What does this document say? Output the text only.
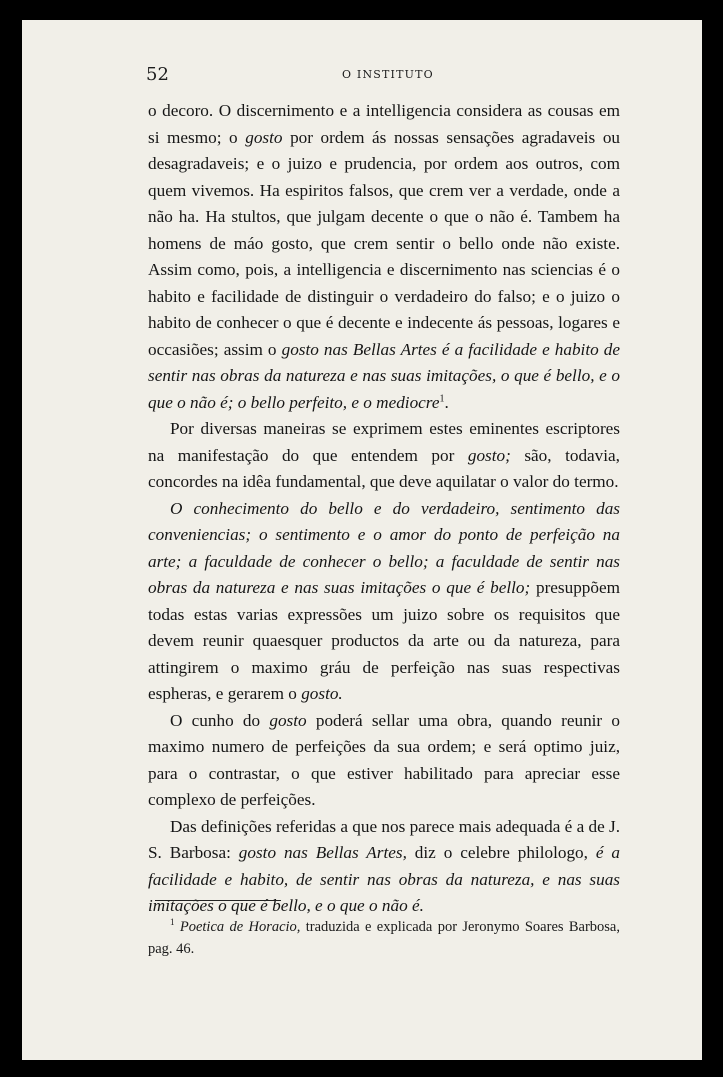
52	O INSTITUTO

o decoro. O discernimento e a intelligencia considera as cousas em si mesmo; o gosto por ordem ás nossas sensações agradaveis ou desagradaveis; e o juizo e prudencia, por ordem aos outros, com quem vivemos. Ha espiritos falsos, que crem ver a verdade, onde a não ha. Ha stultos, que julgam decente o que o não é. Tambem ha homens de máo gosto, que crem sentir o bello onde não existe. Assim como, pois, a intelligencia e discernimento nas sciencias é o habito e facilidade de distinguir o verdadeiro do falso; e o juizo o habito de conhecer o que é decente e indecente ás pessoas, logares e occasiões; assim o gosto nas Bellas Artes é a facilidade e habito de sentir nas obras da natureza e nas suas imitações, o que é bello, e o que o não é; o bello perfeito, e o mediocre$^1$.

Por diversas maneiras se exprimem estes eminentes escriptores na manifestação do que entendem por gosto; são, todavia, concordes na idêa fundamental, que deve aquilatar o valor do termo.

O conhecimento do bello e do verdadeiro, sentimento das conveniencias; o sentimento e o amor do ponto de perfeição na arte; a faculdade de conhecer o bello; a faculdade de sentir nas obras da natureza e nas suas imitações o que é bello; presuppõem todas estas varias expressões um juizo sobre os requisitos que devem reunir quaesquer productos da arte ou da natureza, para attingirem o maximo gráu de perfeição nas suas respectivas espheras, e gerarem o gosto.

O cunho do gosto poderá sellar uma obra, quando reunir o maximo numero de perfeições da sua ordem; e será optimo juiz, para o contrastar, o que estiver habilitado para apreciar esse complexo de perfeições.

Das definições referidas a que nos parece mais adequada é a de J. S. Barbosa: gosto nas Bellas Artes, diz o celebre philologo, é a facilidade e habito, de sentir nas obras da natureza, e nas suas imitações o que é bello, e o que o não é.

$^1$ Poetica de Horacio, traduzida e explicada por Jeronymo Soares Barbosa, pag. 46.
